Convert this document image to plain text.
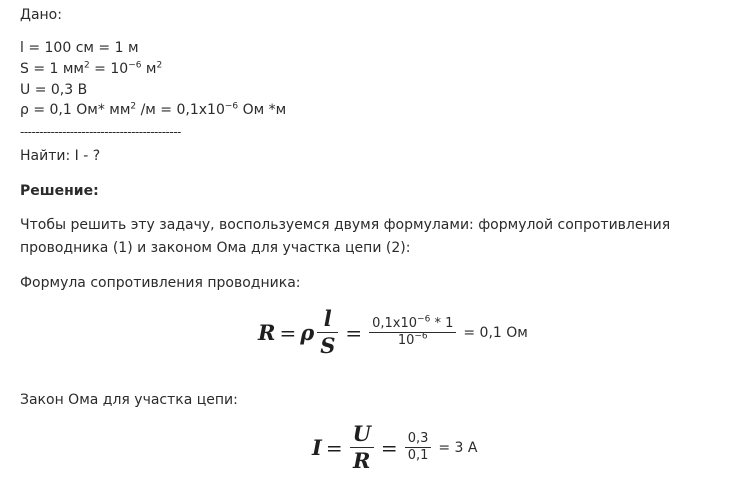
Дано:
l = 100 см = 1 м
S = 1 $мм^2 = 10^{-6}$ $м^2$
U = 0,3 В
ρ = 0,1 Ом* $мм^2$ $/м = 0,1x10^{-6}$ Ом *м
------------------------------------------
Найти: I - ?
Решение:
Чтобы решить эту задачу, воспользуемся двумя формулами: формулой сопротивления
проводника (1) и законом Ома для участка цепи (2):
Формула сопротивления проводника:
R = ρ $\frac{l}{S} = \frac{0,1x10^{-6} * 1}{10^{-6}} = 0,1$ Ом
Закон Ома для участка цепи:
$I = \frac{U}{R} = \frac{0,3}{0,1} = 3$ А
